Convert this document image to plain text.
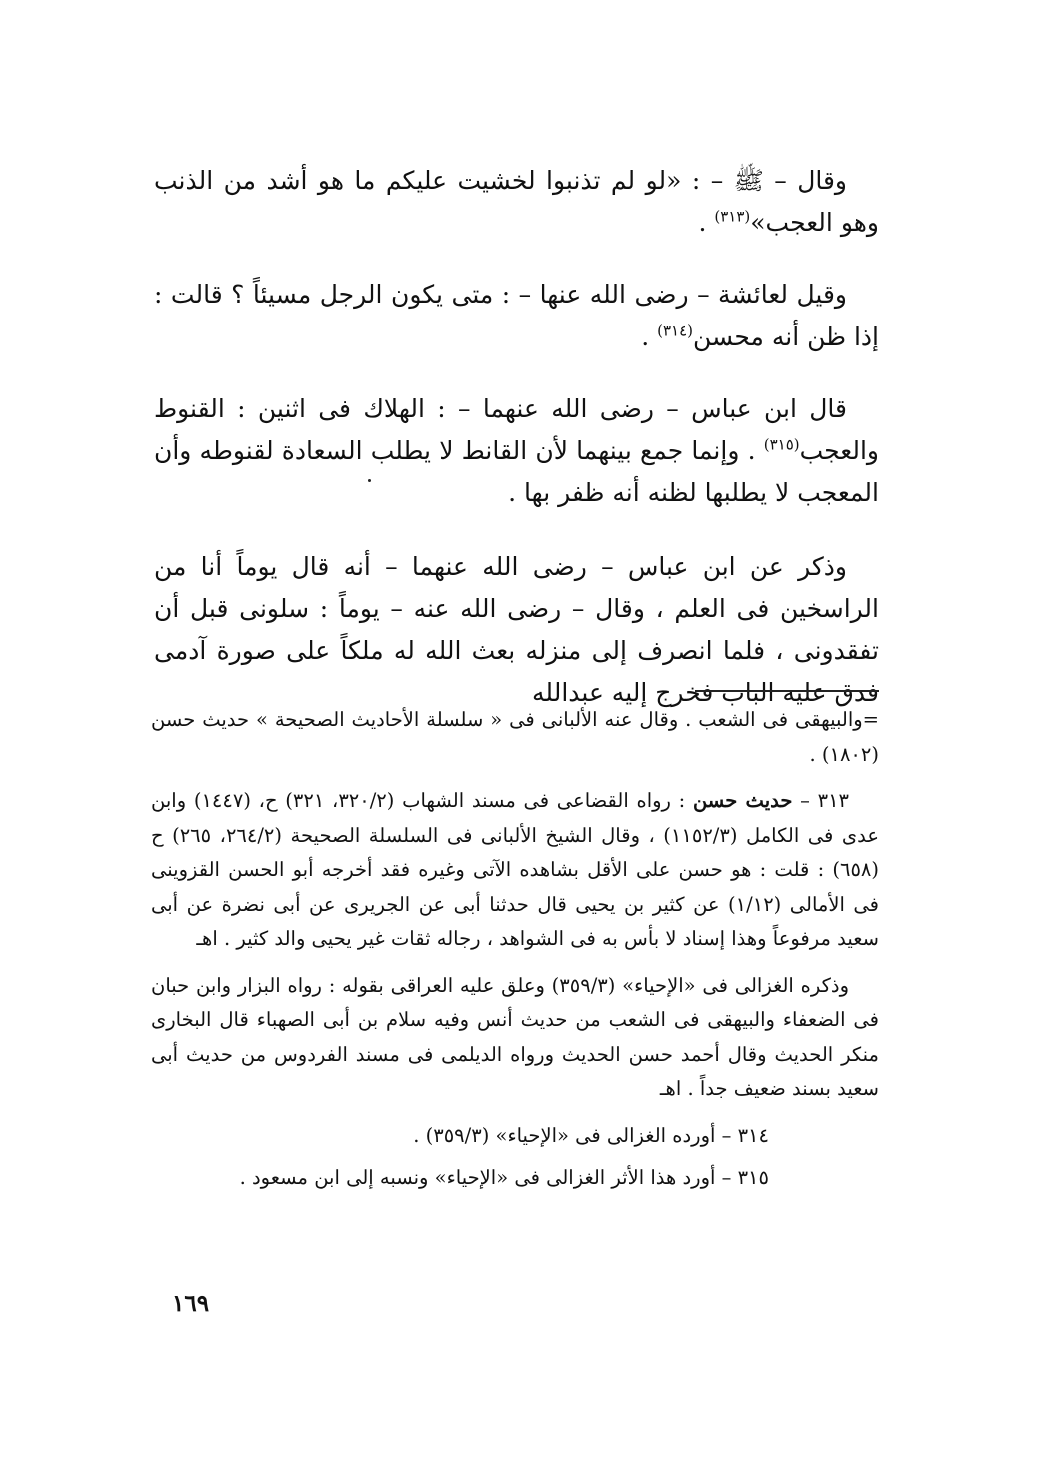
وقال – ﷺ – : «لو لم تذنبوا لخشيت عليكم ما هو أشد من الذنب وهو العجب»$^{(٣١٣)}$ .

وقيل لعائشة – رضى الله عنها – : متى يكون الرجل مسيئاً ؟ قالت : إذا ظن أنه محسن$^{(٣١٤)}$ .

قال ابن عباس – رضى الله عنهما – : الهلاك فى اثنين : القنوط والعجب$^{(٣١٥)}$ . وإنما جمع بينهما لأن القانط لا يطلب السعادة لقنوطه وأن المعجب لا يطلبها لظنه أنه ظفر بها .

وذكر عن ابن عباس – رضى الله عنهما – أنه قال يوماً أنا من الراسخين فى العلم ، وقال – رضى الله عنه – يوماً : سلونى قبل أن تفقدونى ، فلما انصرف إلى منزله بعث الله له ملكاً على صورة آدمى فدق عليه الباب فخرج إليه عبدالله

=والبيهقى فى الشعب . وقال عنه الألبانى فى « سلسلة الأحاديث الصحيحة » حديث حسن (١٨٠٢) .

٣١٣ – حديث حسن : رواه القضاعى فى مسند الشهاب (٣٢٠/٢، ٣٢١) ح، (١٤٤٧) وابن عدى فى الكامل (١١٥٢/٣) ، وقال الشيخ الألبانى فى السلسلة الصحيحة (٢٦٤/٢، ٢٦٥) ح (٦٥٨) : قلت : هو حسن على الأقل بشاهده الآتى وغيره فقد أخرجه أبو الحسن القزوينى فى الأمالى (١/١٢) عن كثير بن يحيى قال حدثنا أبى عن الجريرى عن أبى نضرة عن أبى سعيد مرفوعاً وهذا إسناد لا بأس به فى الشواهد ، رجاله ثقات غير يحيى والد كثير . اهـ

وذكره الغزالى فى «الإحياء» (٣٥٩/٣) وعلق عليه العراقى بقوله : رواه البزار وابن حبان فى الضعفاء والبيهقى فى الشعب من حديث أنس وفيه سلام بن أبى الصهباء قال البخارى منكر الحديث وقال أحمد حسن الحديث ورواه الديلمى فى مسند الفردوس من حديث أبى سعيد بسند ضعيف جداً . اهـ

٣١٤ – أورده الغزالى فى «الإحياء» (٣٥٩/٣) .

٣١٥ – أورد هذا الأثر الغزالى فى «الإحياء» ونسبه إلى ابن مسعود .

١٦٩
